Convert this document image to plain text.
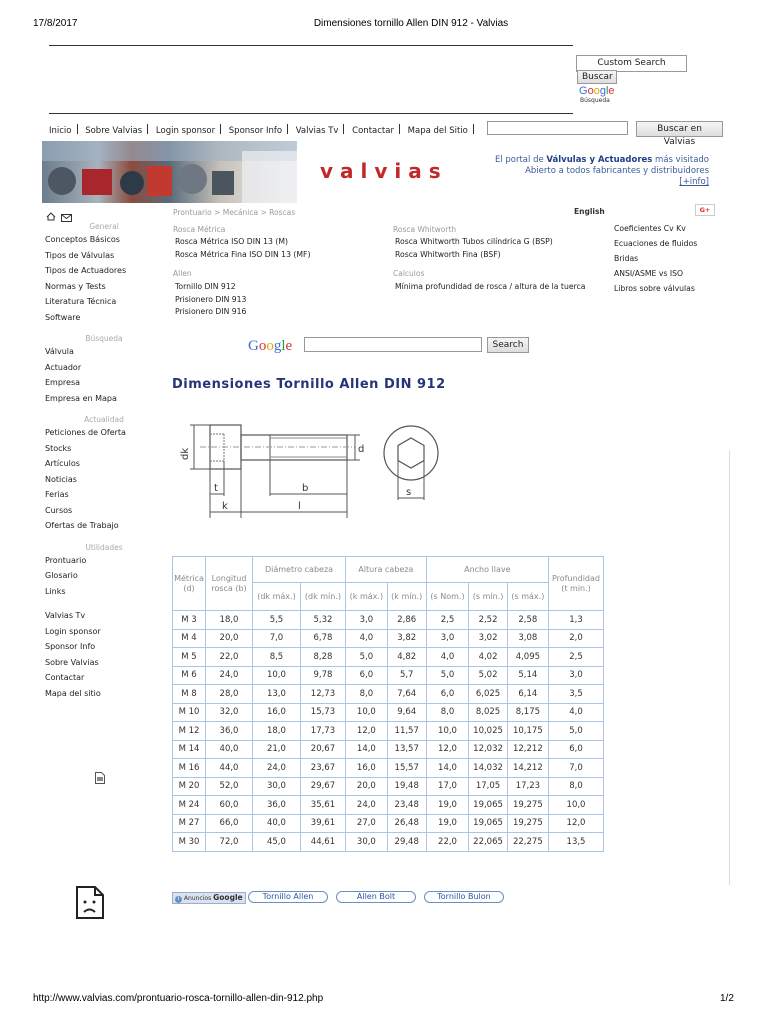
17/8/2017	Dimensiones tornillo Allen DIN 912 - Valvias
Custom Search
Buscar
Google
Búsqueda
Inicio Sobre Valvias Login sponsor Sponsor Info Valvias Tv Contactar Mapa del Sitio	Buscar en Valvias
valvias	El portal de Válvulas y Actuadores más visitado
Abierto a todos fabricantes y distribuidores
[+info]
Prontuario > Mecánica > Roscas	English	G+
General
Conceptos Básicos
Tipos de Válvulas
Tipos de Actuadores
Normas y Tests
Literatura Técnica
Software
Búsqueda
Válvula
Actuador
Empresa
Empresa en Mapa
Actualidad
Peticiones de Oferta
Stocks
Artículos
Noticias
Ferias
Cursos
Ofertas de Trabajo
Utilidades
Prontuario
Glosario
Links
Valvias Tv
Login sponsor
Sponsor Info
Sobre Valvias
Contactar
Mapa del sitio
Rosca Métrica
Rosca Métrica ISO DIN 13 (M)
Rosca Métrica Fina ISO DIN 13 (MF)
Allen
Tornillo DIN 912
Prisionero DIN 913
Prisionero DIN 916
Rosca Whitworth
Rosca Whitworth Tubos cilíndrica G (BSP)
Rosca Whitworth Fina (BSF)
Calculos
Mínima profundidad de rosca / altura de la tuerca
Coeficientes Cv Kv
Ecuaciones de fluidos
Bridas
ANSI/ASME vs ISO
Libros sobre válvulas
Google	Search
Dimensiones Tornillo Allen DIN 912
dk	d
t
k
b
l
s
Métrica (d)	Longitud rosca (b)	Diámetro cabeza		Altura cabeza		Ancho llave			Profundidad (t min.)
		(dk máx.)	(dk mín.)	(k máx.)	(k mín.)	(s Nom.)	(s mín.)	(s máx.)	
M 3	18,0	5,5	5,32	3,0	2,86	2,5	2,52	2,58	1,3
M 4	20,0	7,0	6,78	4,0	3,82	3,0	3,02	3,08	2,0
M 5	22,0	8,5	8,28	5,0	4,82	4,0	4,02	4,095	2,5
M 6	24,0	10,0	9,78	6,0	5,7	5,0	5,02	5,14	3,0
M 8	28,0	13,0	12,73	8,0	7,64	6,0	6,025	6,14	3,5
M 10	32,0	16,0	15,73	10,0	9,64	8,0	8,025	8,175	4,0
M 12	36,0	18,0	17,73	12,0	11,57	10,0	10,025	10,175	5,0
M 14	40,0	21,0	20,67	14,0	13,57	12,0	12,032	12,212	6,0
M 16	44,0	24,0	23,67	16,0	15,57	14,0	14,032	14,212	7,0
M 20	52,0	30,0	29,67	20,0	19,48	17,0	17,05	17,23	8,0
M 24	60,0	36,0	35,61	24,0	23,48	19,0	19,065	19,275	10,0
M 27	66,0	40,0	39,61	27,0	26,48	19,0	19,065	19,275	12,0
M 30	72,0	45,0	44,61	30,0	29,48	22,0	22,065	22,275	13,5
i Anuncios Google	Tornillo Allen	Allen Bolt	Tornillo Bulon
http://www.valvias.com/prontuario-rosca-tornillo-allen-din-912.php	1/2
